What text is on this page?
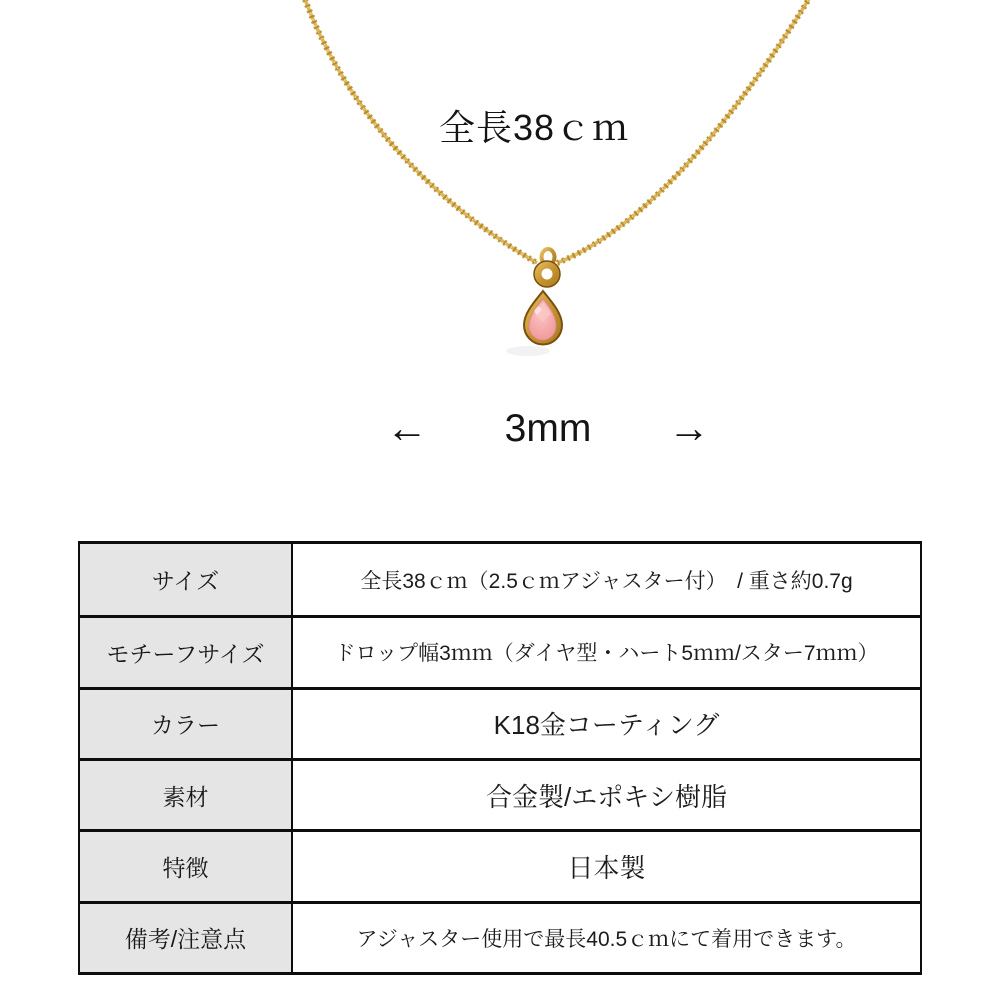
全長38ｃｍ
← 3mm →
サイズ	全長38ｃｍ（2.5ｃｍアジャスター付）　/ 重さ約0.7g
モチーフサイズ	ドロップ幅3ｍｍ（ダイヤ型・ハート5ｍｍ/スター7ｍｍ）
カラー	K18金コーティング
素材	合金製/エポキシ樹脂
特徴	日本製
備考/注意点	アジャスター使用で最長40.5ｃｍにて着用できます。
